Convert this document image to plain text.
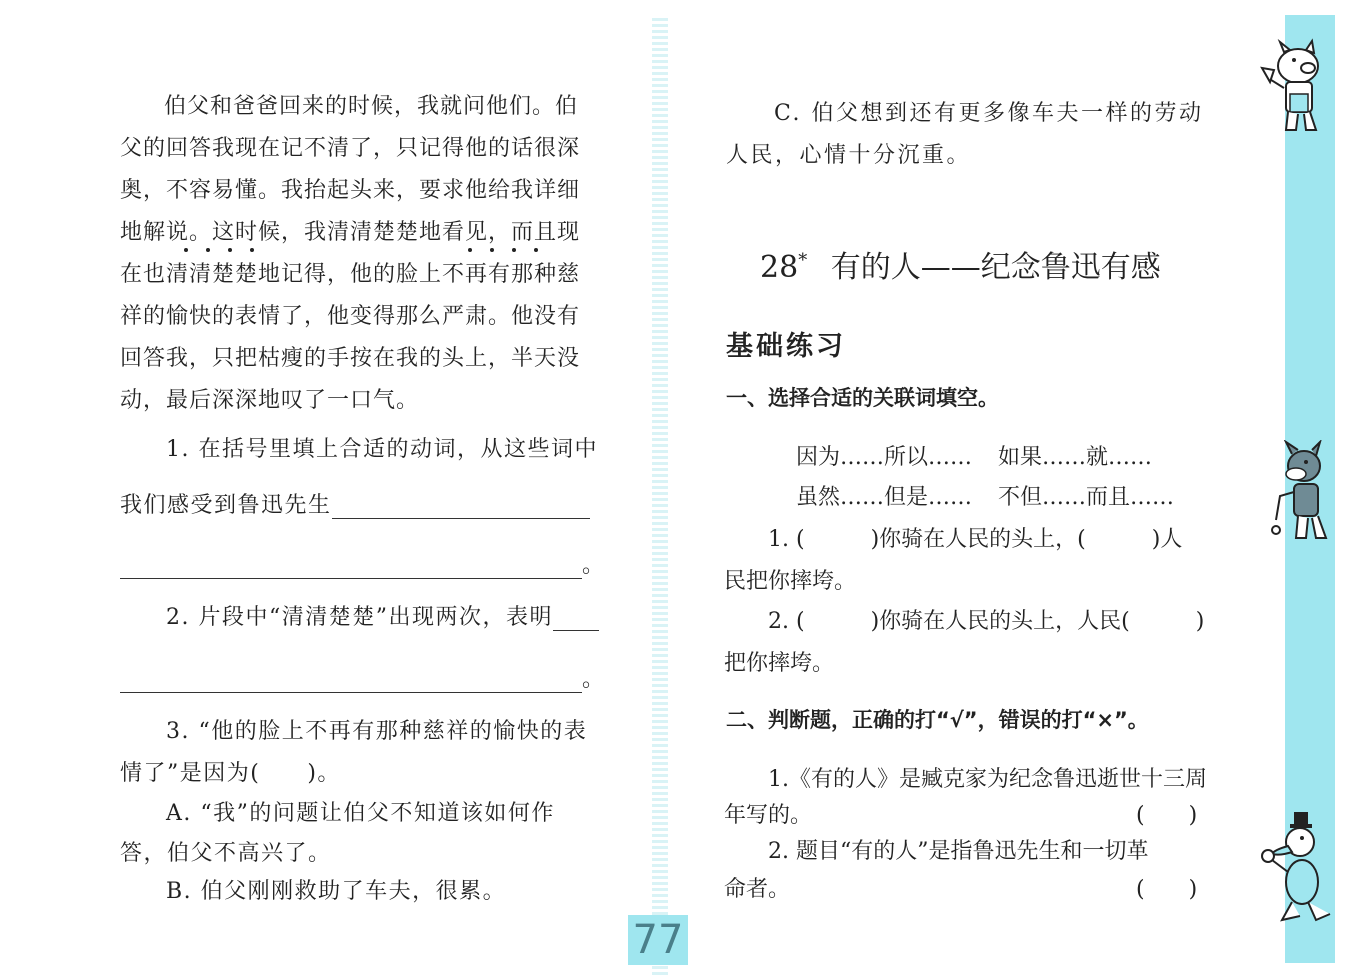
伯父和爸爸回来的时候，我就问他们。伯父的回答我现在记不清了，只记得他的话很深奥，不容易懂。我抬起头来，要求他给我详细地解说。这时候，我清清楚楚地看见，而且现在也清清楚楚地记得，他的脸上不再有那种慈祥的愉快的表情了，他变得那么严肃。他没有回答我，只把枯瘦的手按在我的头上，半天没动，最后深深地叹了一口气。
1. 在括号里填上合适的动词，从这些词中
我们感受到鲁迅先生
。
2. 片段中“清清楚楚”出现两次，表明
。
3. “他的脸上不再有那种慈祥的愉快的表
情了”是因为(　　)。
A. “我”的问题让伯父不知道该如何作
答，伯父不高兴了。
B. 伯父刚刚救助了车夫，很累。
C. 伯父想到还有更多像车夫一样的劳动
人民，心情十分沉重。
28* 有的人——纪念鲁迅有感
基础练习
一、选择合适的关联词填空。
因为……所以…… 如果……就……
虽然……但是…… 不但……而且……
1. (　　　)你骑在人民的头上，(　　　)人
民把你摔垮。
2. (　　　)你骑在人民的头上，人民(　　　)
把你摔垮。
二、判断题，正确的打“√”，错误的打“×”。
1.《有的人》是臧克家为纪念鲁迅逝世十三周
年写的。	(　　)
2. 题目“有的人”是指鲁迅先生和一切革
命者。	(　　)
77
